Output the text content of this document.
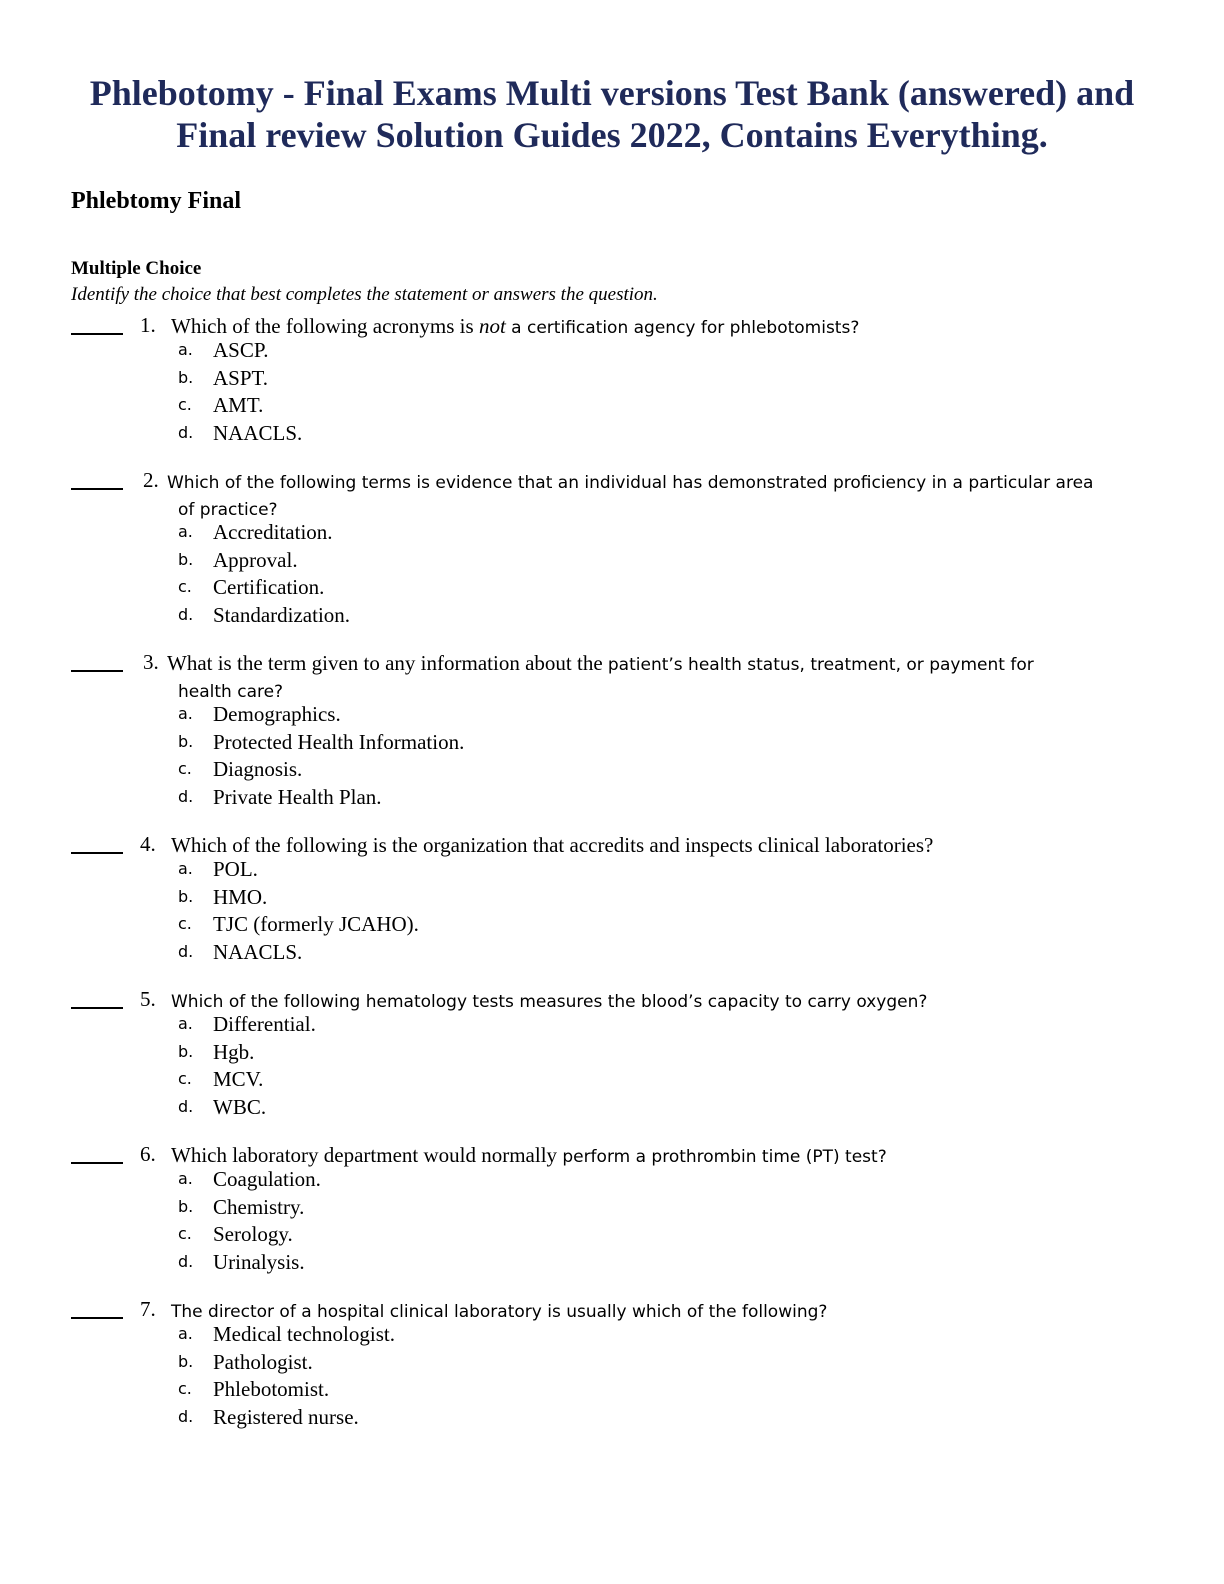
Phlebotomy - Final Exams Multi versions Test Bank (answered) and
Final review Solution Guides 2022, Contains Everything.
Phlebtomy Final
Multiple Choice
Identify the choice that best completes the statement or answers the question.
1. Which of the following acronyms is not a certification agency for phlebotomists?
a. ASCP.
b. ASPT.
c. AMT.
d. NAACLS.
2. Which of the following terms is evidence that an individual has demonstrated proficiency in a particular area
of practice?
a. Accreditation.
b. Approval.
c. Certification.
d. Standardization.
3. What is the term given to any information about the patient’s health status, treatment, or payment for
health care?
a. Demographics.
b. Protected Health Information.
c. Diagnosis.
d. Private Health Plan.
4. Which of the following is the organization that accredits and inspects clinical laboratories?
a. POL.
b. HMO.
c. TJC (formerly JCAHO).
d. NAACLS.
5. Which of the following hematology tests measures the blood’s capacity to carry oxygen?
a. Differential.
b. Hgb.
c. MCV.
d. WBC.
6. Which laboratory department would normally perform a prothrombin time (PT) test?
a. Coagulation.
b. Chemistry.
c. Serology.
d. Urinalysis.
7. The director of a hospital clinical laboratory is usually which of the following?
a. Medical technologist.
b. Pathologist.
c. Phlebotomist.
d. Registered nurse.
